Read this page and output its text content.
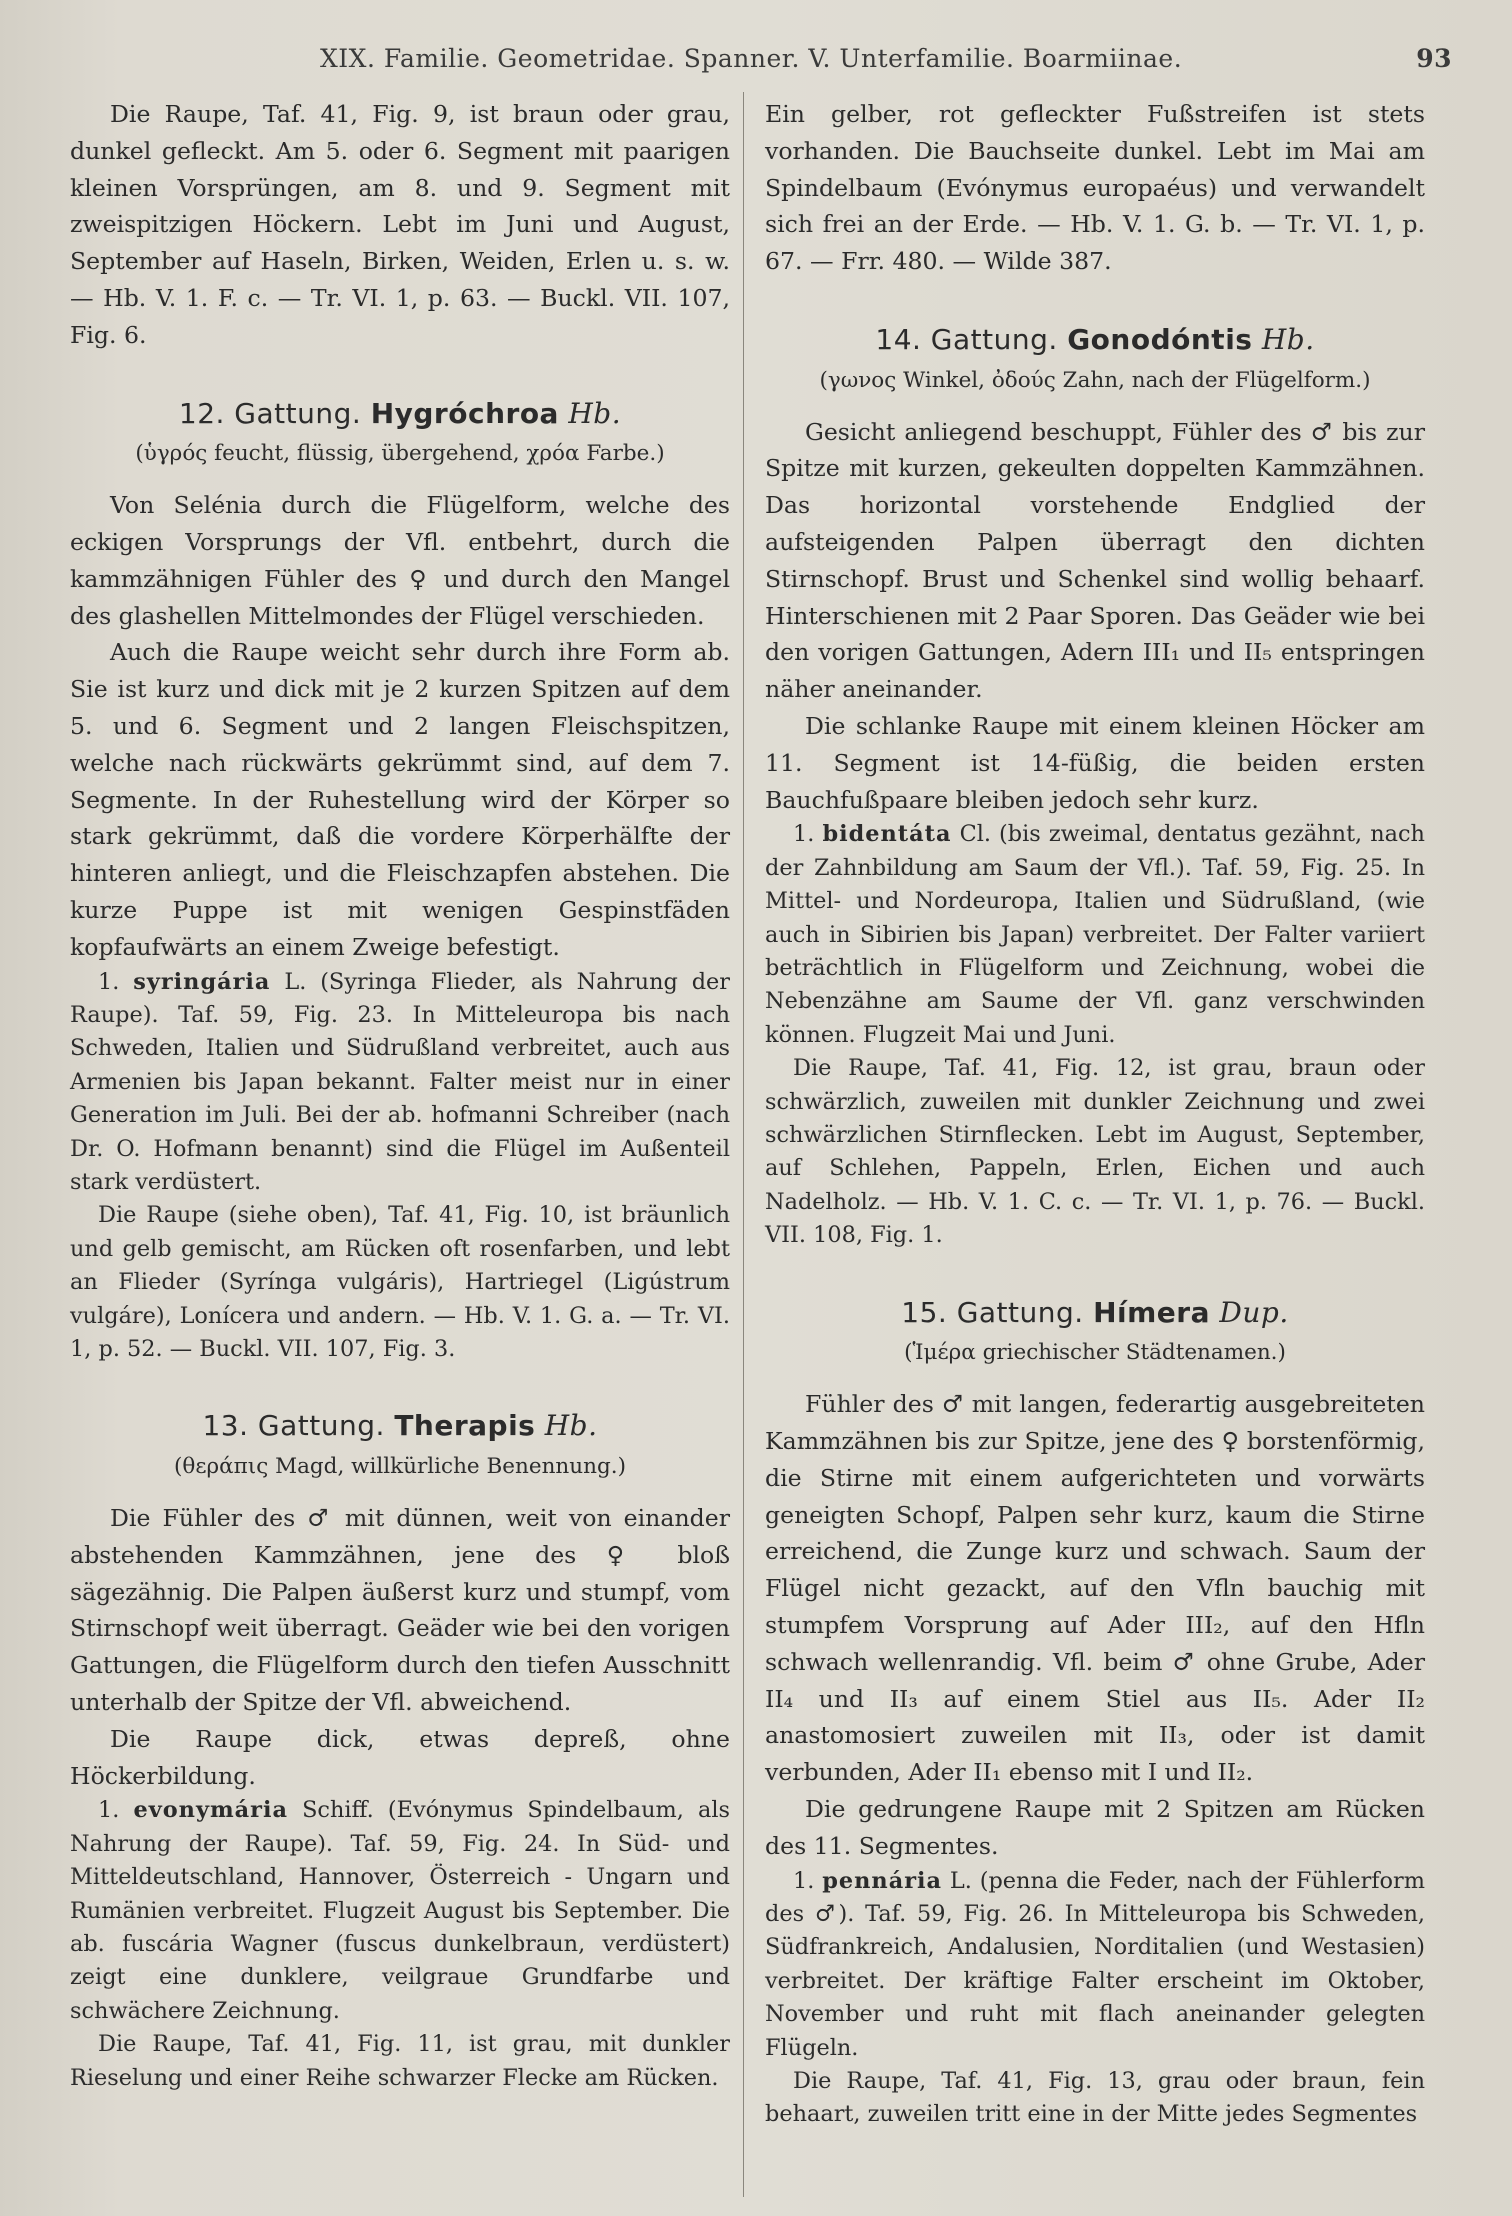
XIX. Familie. Geometridae. Spanner. V. Unterfamilie. Boarmiinae.	93

Die Raupe, Taf. 41, Fig. 9, ist braun oder grau, dunkel gefleckt. Am 5. oder 6. Segment mit paarigen kleinen Vorsprüngen, am 8. und 9. Segment mit zweispitzigen Höckern. Lebt im Juni und August, September auf Haseln, Birken, Weiden, Erlen u. s. w. — Hb. V. 1. F. c. — Tr. VI. 1, p. 63. — Buckl. VII. 107, Fig. 6.

12. Gattung. Hygróchroa Hb.
(ὑγρός feucht, flüssig, übergehend, χρόα Farbe.)

Von Selénia durch die Flügelform, welche des eckigen Vorsprungs der Vfl. entbehrt, durch die kammzähnigen Fühler des ♀ und durch den Mangel des glashellen Mittelmondes der Flügel verschieden.

Auch die Raupe weicht sehr durch ihre Form ab. Sie ist kurz und dick mit je 2 kurzen Spitzen auf dem 5. und 6. Segment und 2 langen Fleischspitzen, welche nach rückwärts gekrümmt sind, auf dem 7. Segmente. In der Ruhestellung wird der Körper so stark gekrümmt, daß die vordere Körperhälfte der hinteren anliegt, und die Fleischzapfen abstehen. Die kurze Puppe ist mit wenigen Gespinstfäden kopfaufwärts an einem Zweige befestigt.

1. syringária L. (Syringa Flieder, als Nahrung der Raupe). Taf. 59, Fig. 23. In Mitteleuropa bis nach Schweden, Italien und Südrußland verbreitet, auch aus Armenien bis Japan bekannt. Falter meist nur in einer Generation im Juli. Bei der ab. hofmanni Schreiber (nach Dr. O. Hofmann benannt) sind die Flügel im Außenteil stark verdüstert.

Die Raupe (siehe oben), Taf. 41, Fig. 10, ist bräunlich und gelb gemischt, am Rücken oft rosenfarben, und lebt an Flieder (Syrínga vulgáris), Hartriegel (Ligústrum vulgáre), Lonícera und andern. — Hb. V. 1. G. a. — Tr. VI. 1, p. 52. — Buckl. VII. 107, Fig. 3.

13. Gattung. Therapis Hb.
(θεράπις Magd, willkürliche Benennung.)

Die Fühler des ♂ mit dünnen, weit von einander abstehenden Kammzähnen, jene des ♀ bloß sägezähnig. Die Palpen äußerst kurz und stumpf, vom Stirnschopf weit überragt. Geäder wie bei den vorigen Gattungen, die Flügelform durch den tiefen Ausschnitt unterhalb der Spitze der Vfl. abweichend.

Die Raupe dick, etwas depreß, ohne Höckerbildung.

1. evonymária Schiff. (Evónymus Spindelbaum, als Nahrung der Raupe). Taf. 59, Fig. 24. In Süd- und Mitteldeutschland, Hannover, Österreich - Ungarn und Rumänien verbreitet. Flugzeit August bis September. Die ab. fuscária Wagner (fuscus dunkelbraun, verdüstert) zeigt eine dunklere, veilgraue Grundfarbe und schwächere Zeichnung.

Die Raupe, Taf. 41, Fig. 11, ist grau, mit dunkler Rieselung und einer Reihe schwarzer Flecke am Rücken.

Ein gelber, rot gefleckter Fußstreifen ist stets vorhanden. Die Bauchseite dunkel. Lebt im Mai am Spindelbaum (Evónymus europaéus) und verwandelt sich frei an der Erde. — Hb. V. 1. G. b. — Tr. VI. 1, p. 67. — Frr. 480. — Wilde 387.

14. Gattung. Gonodóntis Hb.
(γωνος Winkel, ὀδούς Zahn, nach der Flügelform.)

Gesicht anliegend beschuppt, Fühler des ♂ bis zur Spitze mit kurzen, gekeulten doppelten Kammzähnen. Das horizontal vorstehende Endglied der aufsteigenden Palpen überragt den dichten Stirnschopf. Brust und Schenkel sind wollig behaarf. Hinterschienen mit 2 Paar Sporen. Das Geäder wie bei den vorigen Gattungen, Adern III₁ und II₅ entspringen näher aneinander.

Die schlanke Raupe mit einem kleinen Höcker am 11. Segment ist 14-füßig, die beiden ersten Bauchfußpaare bleiben jedoch sehr kurz.

1. bidentáta Cl. (bis zweimal, dentatus gezähnt, nach der Zahnbildung am Saum der Vfl.). Taf. 59, Fig. 25. In Mittel- und Nordeuropa, Italien und Südrußland, (wie auch in Sibirien bis Japan) verbreitet. Der Falter variiert beträchtlich in Flügelform und Zeichnung, wobei die Nebenzähne am Saume der Vfl. ganz verschwinden können. Flugzeit Mai und Juni.

Die Raupe, Taf. 41, Fig. 12, ist grau, braun oder schwärzlich, zuweilen mit dunkler Zeichnung und zwei schwärzlichen Stirnflecken. Lebt im August, September, auf Schlehen, Pappeln, Erlen, Eichen und auch Nadelholz. — Hb. V. 1. C. c. — Tr. VI. 1, p. 76. — Buckl. VII. 108, Fig. 1.

15. Gattung. Hímera Dup.
(Ἱμέρα griechischer Städtenamen.)

Fühler des ♂ mit langen, federartig ausgebreiteten Kammzähnen bis zur Spitze, jene des ♀ borstenförmig, die Stirne mit einem aufgerichteten und vorwärts geneigten Schopf, Palpen sehr kurz, kaum die Stirne erreichend, die Zunge kurz und schwach. Saum der Flügel nicht gezackt, auf den Vfln bauchig mit stumpfem Vorsprung auf Ader III₂, auf den Hfln schwach wellenrandig. Vfl. beim ♂ ohne Grube, Ader II₄ und II₃ auf einem Stiel aus II₅. Ader II₂ anastomosiert zuweilen mit II₃, oder ist damit verbunden, Ader II₁ ebenso mit I und II₂.

Die gedrungene Raupe mit 2 Spitzen am Rücken des 11. Segmentes.

1. pennária L. (penna die Feder, nach der Fühlerform des ♂). Taf. 59, Fig. 26. In Mitteleuropa bis Schweden, Südfrankreich, Andalusien, Norditalien (und Westasien) verbreitet. Der kräftige Falter erscheint im Oktober, November und ruht mit flach aneinander gelegten Flügeln.

Die Raupe, Taf. 41, Fig. 13, grau oder braun, fein behaart, zuweilen tritt eine in der Mitte jedes Segmentes
